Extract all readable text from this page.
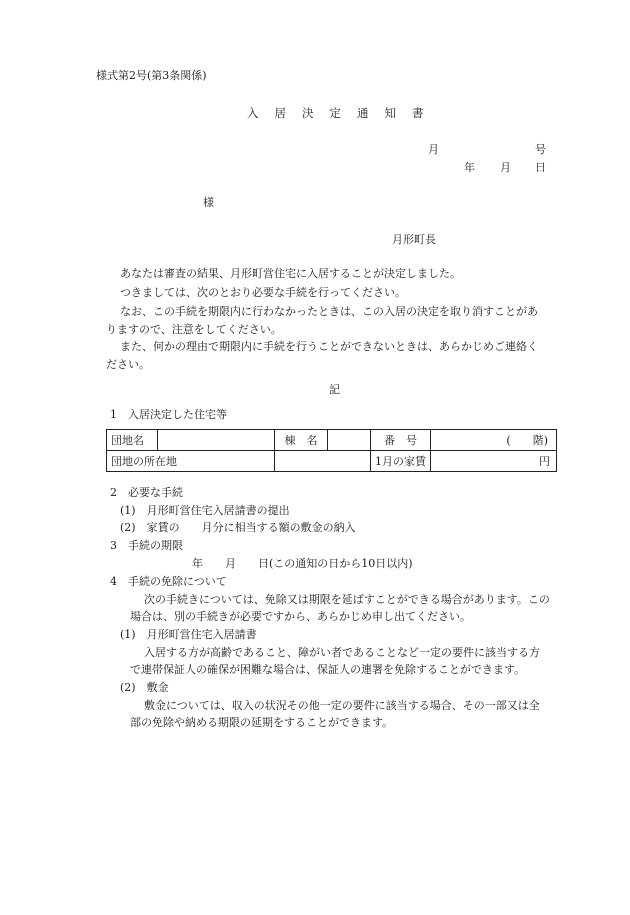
様式第2号(第3条関係)
入居決定通知書
月	号
年 月 日
様
月形町長
あなたは審査の結果、月形町営住宅に入居することが決定しました。
つきましては、次のとおり必要な手続を行ってください。
なお、この手続を期限内に行わなかったときは、この入居の決定を取り消すことがあ
りますので、注意をしてください。
また、何かの理由で期限内に手続を行うことができないときは、あらかじめご連絡く
ださい。
記
1　入居決定した住宅等
団地名		棟　名		番　号	(　　階)
団地の所在地				1月の家賃	円
2　必要な手続
(1)　月形町営住宅入居請書の提出
(2)　家賃の　　月分に相当する額の敷金の納入
3　手続の期限
年　　月　　日(この通知の日から10日以内)
4　手続の免除について
次の手続きについては、免除又は期限を延ばすことができる場合があります。この
場合は、別の手続きが必要ですから、あらかじめ申し出てください。
(1)　月形町営住宅入居請書
入居する方が高齢であること、障がい者であることなど一定の要件に該当する方
で連帯保証人の確保が困難な場合は、保証人の連署を免除することができます。
(2)　敷金
敷金については、収入の状況その他一定の要件に該当する場合、その一部又は全
部の免除や納める期限の延期をすることができます。
